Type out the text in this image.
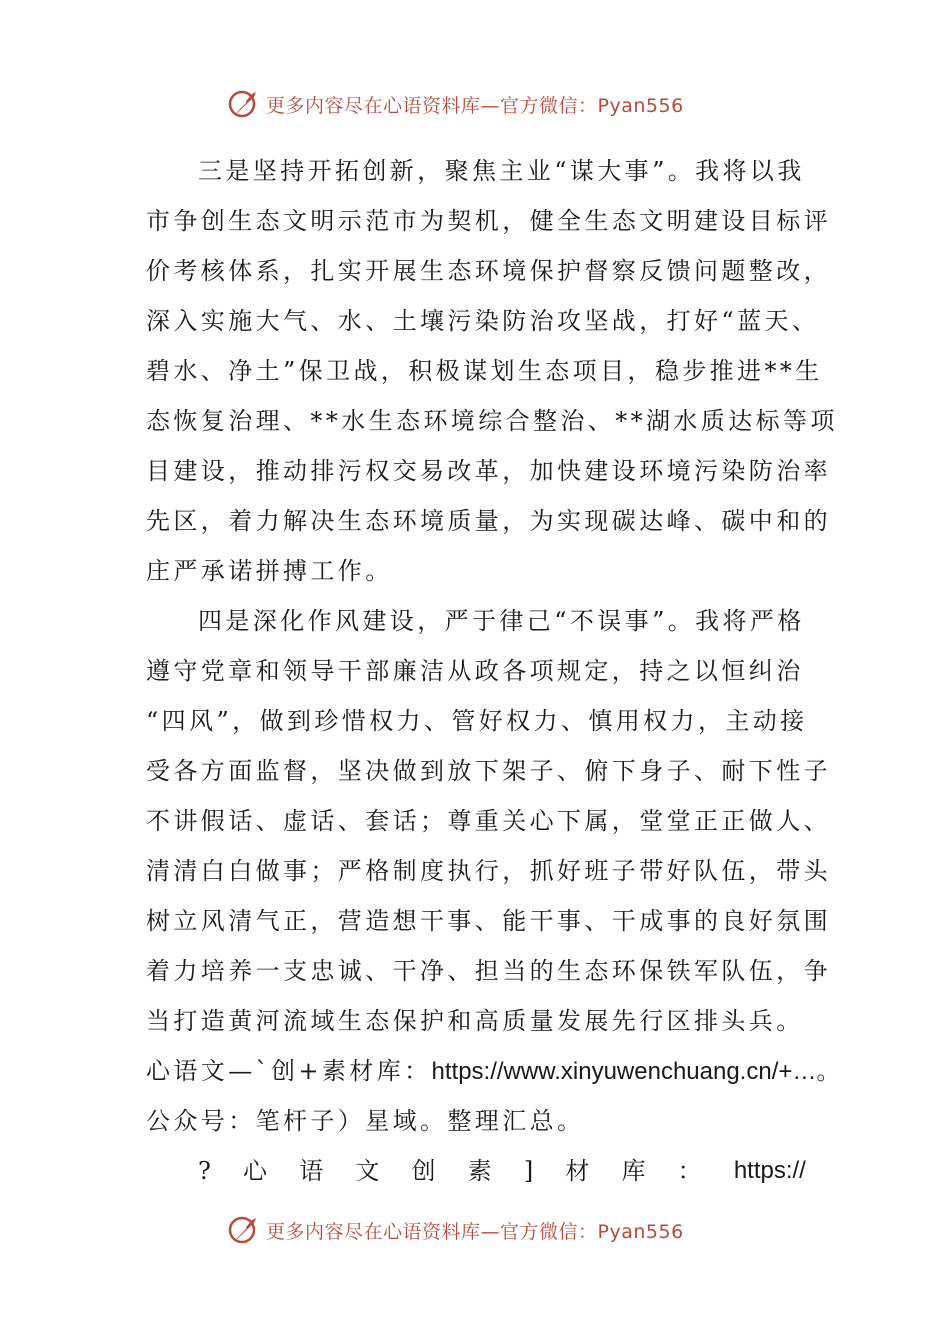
更多内容尽在心语资料库—官方微信：Pyan556
三是坚持开拓创新，聚焦主业“谋大事”。我将以我
市争创生态文明示范市为契机，健全生态文明建设目标评
价考核体系，扎实开展生态环境保护督察反馈问题整改，
深入实施大气、水、土壤污染防治攻坚战，打好“蓝天、
碧水、净土”保卫战，积极谋划生态项目，稳步推进**生
态恢复治理、**水生态环境综合整治、**湖水质达标等项
目建设，推动排污权交易改革，加快建设环境污染防治率
先区，着力解决生态环境质量，为实现碳达峰、碳中和的
庄严承诺拼搏工作。
四是深化作风建设，严于律己“不误事”。我将严格
遵守党章和领导干部廉洁从政各项规定，持之以恒纠治
“四风”，做到珍惜权力、管好权力、慎用权力，主动接
受各方面监督，坚决做到放下架子、俯下身子、耐下性子
不讲假话、虚话、套话；尊重关心下属，堂堂正正做人、
清清白白做事；严格制度执行，抓好班子带好队伍，带头
树立风清气正，营造想干事、能干事、干成事的良好氛围
着力培养一支忠诚、干净、担当的生态环保铁军队伍，争
当打造黄河流域生态保护和高质量发展先行区排头兵。
心语文—`创+素材库：https://www.xinyuwenchuang.cn/+…。
公众号：笔杆子）星域。整理汇总。
? 心 语 文 创 素 ] 材 库 ： https://
更多内容尽在心语资料库—官方微信：Pyan556
